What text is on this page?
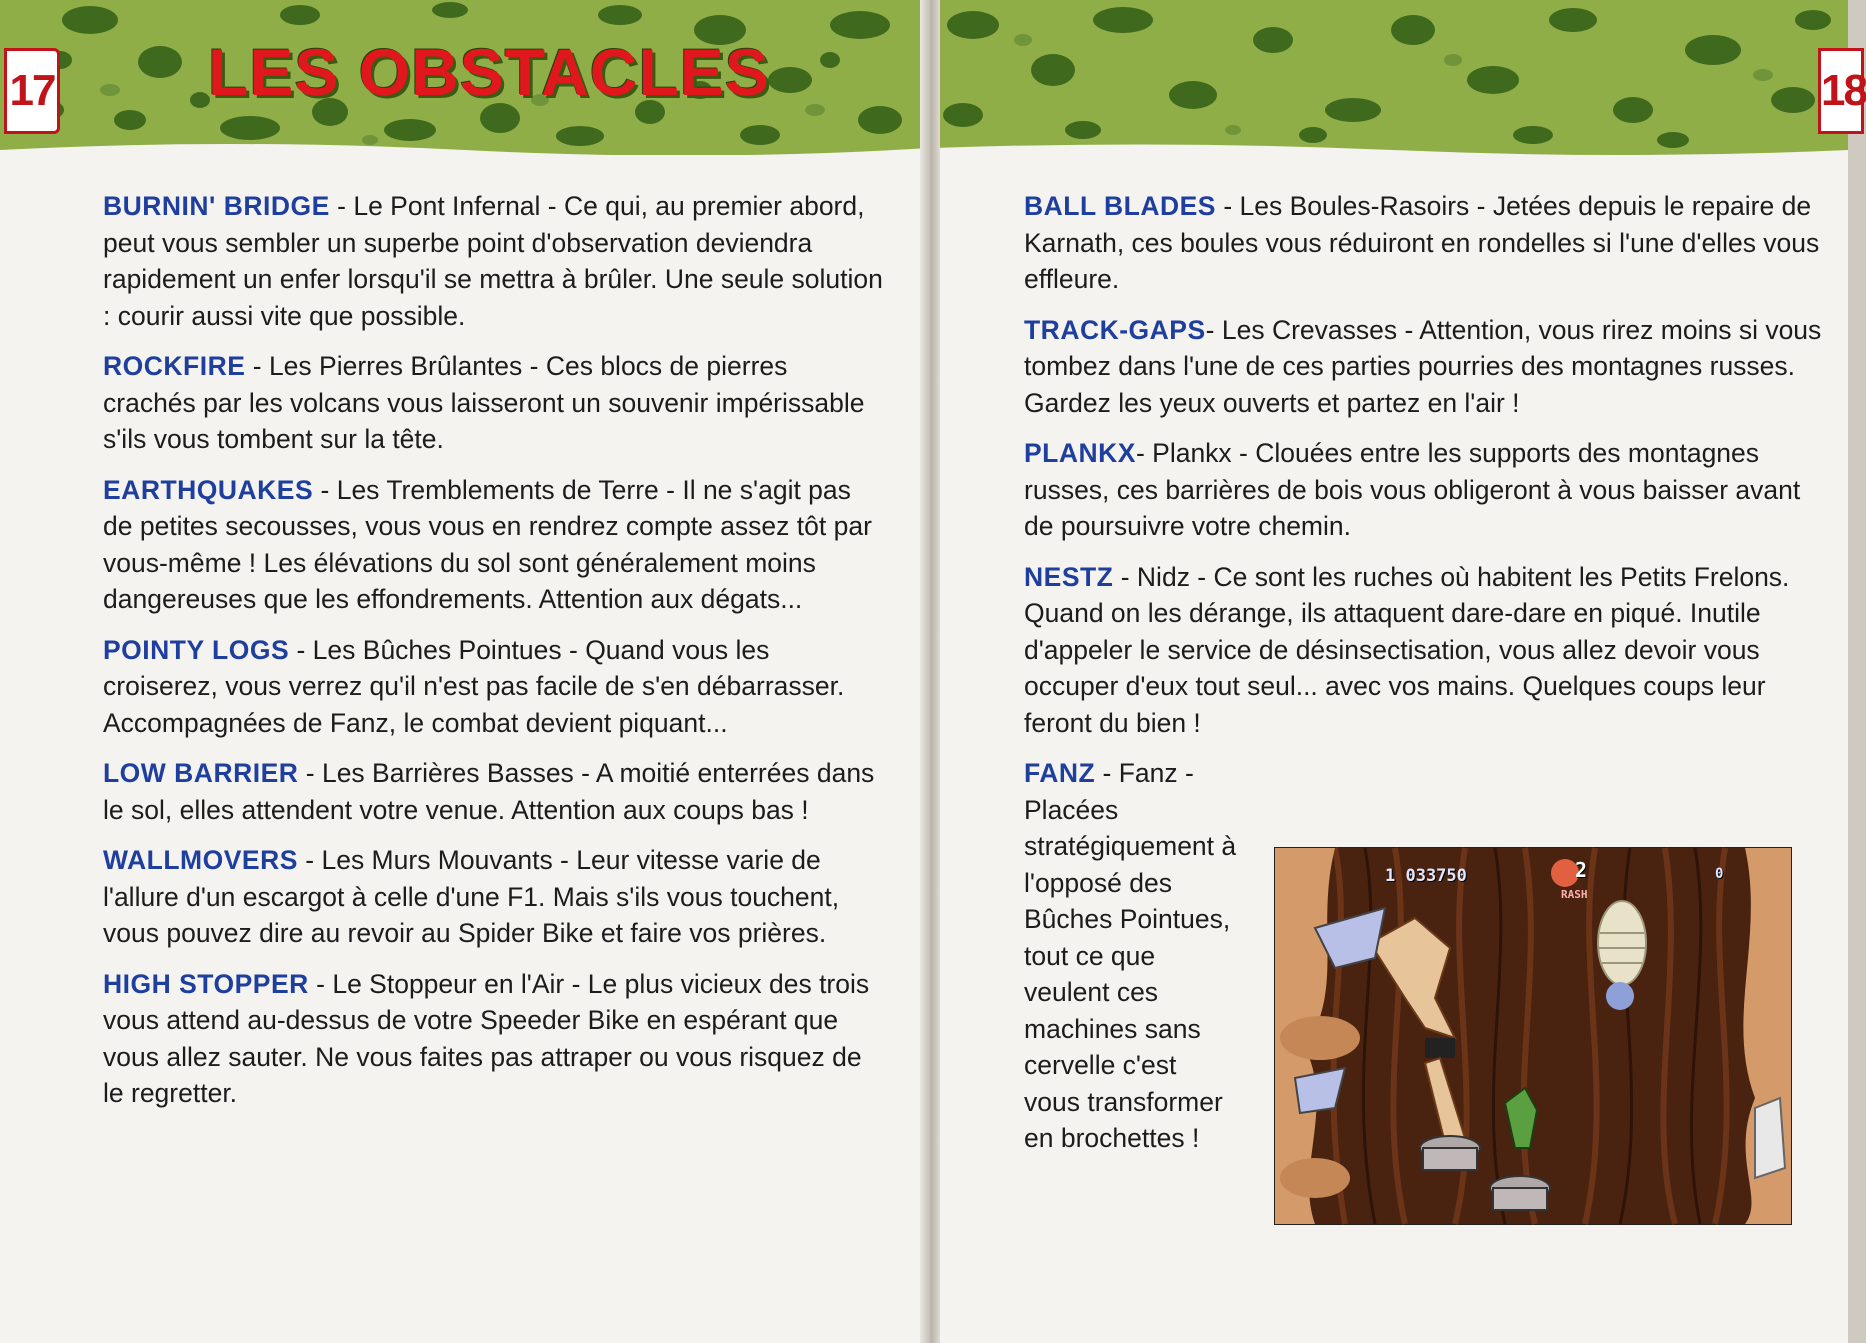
17 LES OBSTACLES

BURNIN' BRIDGE - Le Pont Infernal - Ce qui, au premier abord, peut vous sembler un superbe point d'observation deviendra rapidement un enfer lorsqu'il se mettra à brûler. Une seule solution : courir aussi vite que possible.

ROCKFIRE - Les Pierres Brûlantes - Ces blocs de pierres crachés par les volcans vous laisseront un souvenir impérissable s'ils vous tombent sur la tête.

EARTHQUAKES - Les Tremblements de Terre - Il ne s'agit pas de petites secousses, vous vous en rendrez compte assez tôt par vous-même ! Les élévations du sol sont généralement moins dangereuses que les effondrements. Attention aux dégats...

POINTY LOGS - Les Bûches Pointues - Quand vous les croiserez, vous verrez qu'il n'est pas facile de s'en débarrasser. Accompagnées de Fanz, le combat devient piquant...

LOW BARRIER - Les Barrières Basses - A moitié enterrées dans le sol, elles attendent votre venue. Attention aux coups bas !

WALLMOVERS - Les Murs Mouvants - Leur vitesse varie de l'allure d'un escargot à celle d'une F1. Mais s'ils vous touchent, vous pouvez dire au revoir au Spider Bike et faire vos prières.

HIGH STOPPER - Le Stoppeur en l'Air - Le plus vicieux des trois vous attend au-dessus de votre Speeder Bike en espérant que vous allez sauter. Ne vous faites pas attraper ou vous risquez de le regretter.

18

BALL BLADES - Les Boules-Rasoirs - Jetées depuis le repaire de Karnath, ces boules vous réduiront en rondelles si l'une d'elles vous effleure.

TRACK-GAPS- Les Crevasses - Attention, vous rirez moins si vous tombez dans l'une de ces parties pourries des montagnes russes. Gardez les yeux ouverts et partez en l'air !

PLANKX- Plankx - Clouées entre les supports des montagnes russes, ces barrières de bois vous obligeront à vous baisser avant de poursuivre votre chemin.

NESTZ - Nidz - Ce sont les ruches où habitent les Petits Frelons. Quand on les dérange, ils attaquent dare-dare en piqué. Inutile d'appeler le service de désinsectisation, vous allez devoir vous occuper d'eux tout seul... avec vos mains. Quelques coups leur feront du bien !

FANZ - Fanz - Placées stratégiquement à l'opposé des Bûches Pointues, tout ce que veulent ces machines sans cervelle c'est vous transformer en brochettes !

1 033750	2
RASH
0
